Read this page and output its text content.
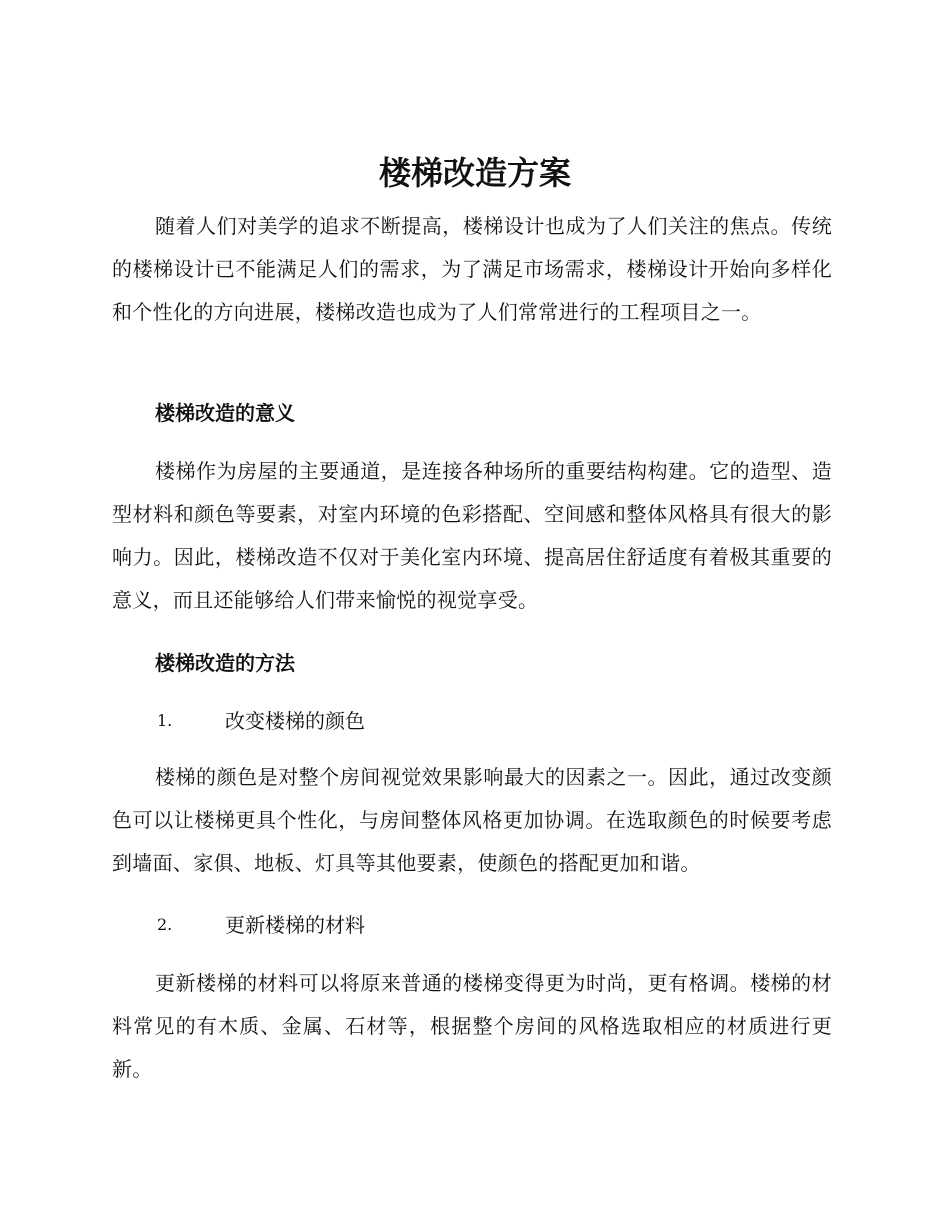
楼梯改造方案

随着人们对美学的追求不断提高，楼梯设计也成为了人们关注的焦点。传统的楼梯设计已不能满足人们的需求，为了满足市场需求，楼梯设计开始向多样化和个性化的方向进展，楼梯改造也成为了人们常常进行的工程项目之一。

楼梯改造的意义

楼梯作为房屋的主要通道，是连接各种场所的重要结构构建。它的造型、造型材料和颜色等要素，对室内环境的色彩搭配、空间感和整体风格具有很大的影响力。因此，楼梯改造不仅对于美化室内环境、提高居住舒适度有着极其重要的意义，而且还能够给人们带来愉悦的视觉享受。

楼梯改造的方法
1.	改变楼梯的颜色

楼梯的颜色是对整个房间视觉效果影响最大的因素之一。因此，通过改变颜色可以让楼梯更具个性化，与房间整体风格更加协调。在选取颜色的时候要考虑到墙面、家俱、地板、灯具等其他要素，使颜色的搭配更加和谐。

2.	更新楼梯的材料

更新楼梯的材料可以将原来普通的楼梯变得更为时尚，更有格调。楼梯的材料常见的有木质、金属、石材等，根据整个房间的风格选取相应的材质进行更新。
